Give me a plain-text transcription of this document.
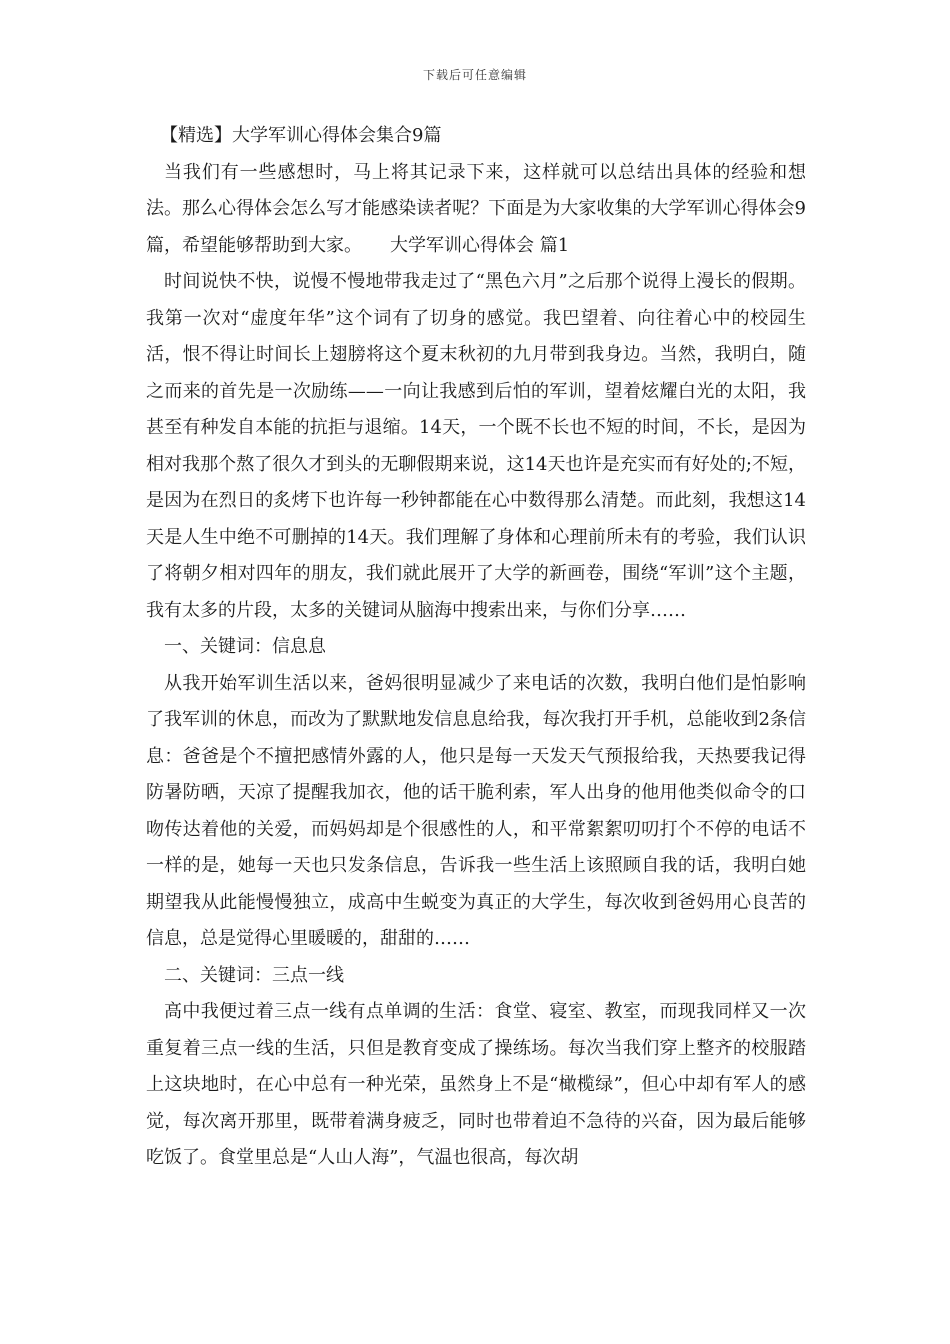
下载后可任意编辑

【精选】大学军训心得体会集合9篇

当我们有一些感想时，马上将其记录下来，这样就可以总结出具体的经验和想法。那么心得体会怎么写才能感染读者呢？下面是为大家收集的大学军训心得体会9篇，希望能够帮助到大家。 大学军训心得体会 篇1

时间说快不快，说慢不慢地带我走过了“黑色六月”之后那个说得上漫长的假期。我第一次对“虚度年华”这个词有了切身的感觉。我巴望着、向往着心中的校园生活，恨不得让时间长上翅膀将这个夏末秋初的九月带到我身边。当然，我明白，随之而来的首先是一次励练——一向让我感到后怕的军训，望着炫耀白光的太阳，我甚至有种发自本能的抗拒与退缩。14天，一个既不长也不短的时间，不长，是因为相对我那个熬了很久才到头的无聊假期来说，这14天也许是充实而有好处的;不短，是因为在烈日的炙烤下也许每一秒钟都能在心中数得那么清楚。而此刻，我想这14天是人生中绝不可删掉的14天。我们理解了身体和心理前所未有的考验，我们认识了将朝夕相对四年的朋友，我们就此展开了大学的新画卷，围绕“军训”这个主题，我有太多的片段，太多的关键词从脑海中搜索出来，与你们分享……

一、关键词：信息息

从我开始军训生活以来，爸妈很明显减少了来电话的次数，我明白他们是怕影响了我军训的休息，而改为了默默地发信息息给我，每次我打开手机，总能收到2条信息：爸爸是个不擅把感情外露的人，他只是每一天发天气预报给我，天热要我记得防暑防晒，天凉了提醒我加衣，他的话干脆利索，军人出身的他用他类似命令的口吻传达着他的关爱，而妈妈却是个很感性的人，和平常絮絮叨叨打个不停的电话不一样的是，她每一天也只发条信息，告诉我一些生活上该照顾自我的话，我明白她期望我从此能慢慢独立，成高中生蜕变为真正的大学生，每次收到爸妈用心良苦的信息，总是觉得心里暖暖的，甜甜的……

二、关键词：三点一线

高中我便过着三点一线有点单调的生活：食堂、寝室、教室，而现我同样又一次重复着三点一线的生活，只但是教育变成了操练场。每次当我们穿上整齐的校服踏上这块地时，在心中总有一种光荣，虽然身上不是“橄榄绿”，但心中却有军人的感觉，每次离开那里，既带着满身疲乏，同时也带着迫不急待的兴奋，因为最后能够吃饭了。食堂里总是“人山人海”，气温也很高，每次胡
